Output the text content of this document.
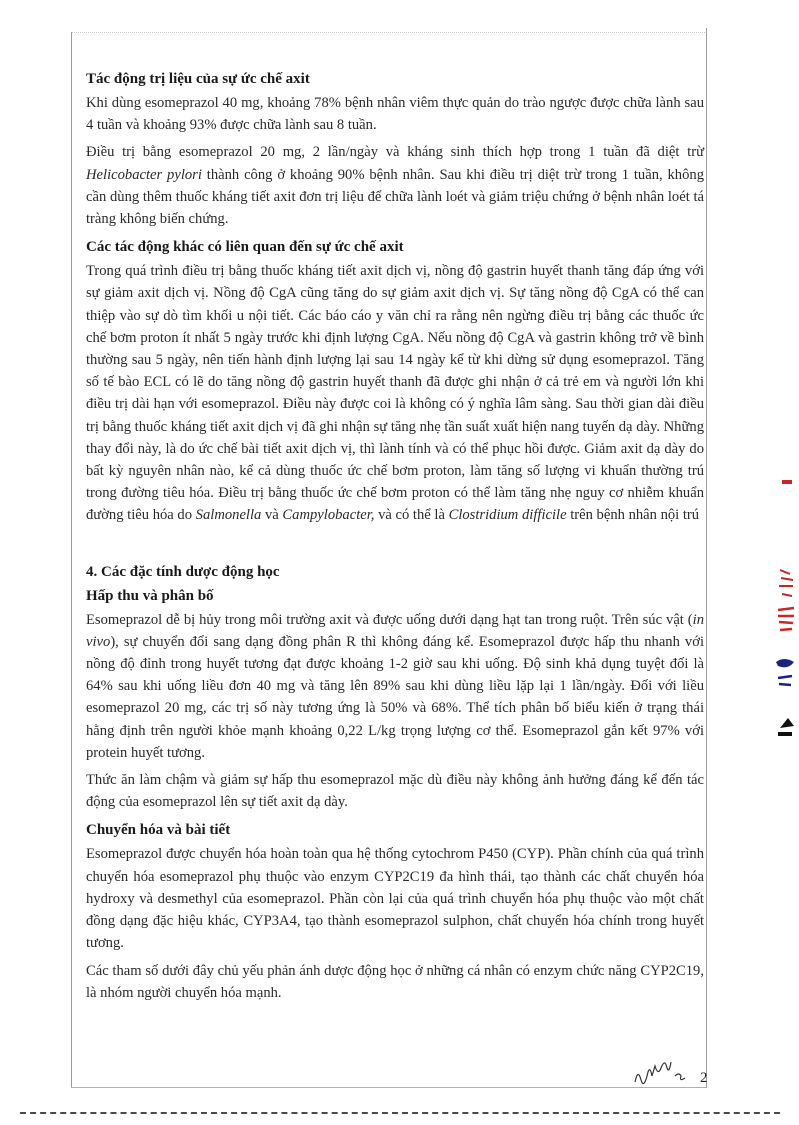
Tác động trị liệu của sự ức chế axit

Khi dùng esomeprazol 40 mg, khoảng 78% bệnh nhân viêm thực quản do trào ngược được chữa lành sau 4 tuần và khoảng 93% được chữa lành sau 8 tuần.

Điều trị bằng esomeprazol 20 mg, 2 lần/ngày và kháng sinh thích hợp trong 1 tuần đã diệt trừ Helicobacter pylori thành công ở khoảng 90% bệnh nhân. Sau khi điều trị diệt trừ trong 1 tuần, không cần dùng thêm thuốc kháng tiết axit đơn trị liệu để chữa lành loét và giảm triệu chứng ở bệnh nhân loét tá tràng không biến chứng.

Các tác động khác có liên quan đến sự ức chế axit

Trong quá trình điều trị bằng thuốc kháng tiết axit dịch vị, nồng độ gastrin huyết thanh tăng đáp ứng với sự giảm axit dịch vị. Nồng độ CgA cũng tăng do sự giảm axit dịch vị. Sự tăng nồng độ CgA có thể can thiệp vào sự dò tìm khối u nội tiết. Các báo cáo y văn chỉ ra rằng nên ngừng điều trị bằng các thuốc ức chế bơm proton ít nhất 5 ngày trước khi định lượng CgA. Nếu nồng độ CgA và gastrin không trở về bình thường sau 5 ngày, nên tiến hành định lượng lại sau 14 ngày kể từ khi dừng sử dụng esomeprazol. Tăng số tế bào ECL có lẽ do tăng nồng độ gastrin huyết thanh đã được ghi nhận ở cả trẻ em và người lớn khi điều trị dài hạn với esomeprazol. Điều này được coi là không có ý nghĩa lâm sàng. Sau thời gian dài điều trị bằng thuốc kháng tiết axit dịch vị đã ghi nhận sự tăng nhẹ tần suất xuất hiện nang tuyến dạ dày. Những thay đổi này, là do ức chế bài tiết axit dịch vị, thì lành tính và có thể phục hồi được. Giảm axit dạ dày do bất kỳ nguyên nhân nào, kể cả dùng thuốc ức chế bơm proton, làm tăng số lượng vi khuẩn thường trú trong đường tiêu hóa. Điều trị bằng thuốc ức chế bơm proton có thể làm tăng nhẹ nguy cơ nhiễm khuẩn đường tiêu hóa do Salmonella và Campylobacter, và có thể là Clostridium difficile trên bệnh nhân nội trú

4. Các đặc tính dược động học
Hấp thu và phân bố

Esomeprazol dễ bị hủy trong môi trường axit và được uống dưới dạng hạt tan trong ruột. Trên súc vật (in vivo), sự chuyển đổi sang dạng đồng phân R thì không đáng kể. Esomeprazol được hấp thu nhanh với nồng độ đỉnh trong huyết tương đạt được khoảng 1-2 giờ sau khi uống. Độ sinh khả dụng tuyệt đối là 64% sau khi uống liều đơn 40 mg và tăng lên 89% sau khi dùng liều lặp lại 1 lần/ngày. Đối với liều esomeprazol 20 mg, các trị số này tương ứng là 50% và 68%. Thể tích phân bố biểu kiến ở trạng thái hằng định trên người khỏe mạnh khoảng 0,22 L/kg trọng lượng cơ thể. Esomeprazol gắn kết 97% với protein huyết tương.

Thức ăn làm chậm và giảm sự hấp thu esomeprazol mặc dù điều này không ảnh hưởng đáng kể đến tác động của esomeprazol lên sự tiết axit dạ dày.

Chuyển hóa và bài tiết

Esomeprazol được chuyển hóa hoàn toàn qua hệ thống cytochrom P450 (CYP). Phần chính của quá trình chuyển hóa esomeprazol phụ thuộc vào enzym CYP2C19 đa hình thái, tạo thành các chất chuyển hóa hydroxy và desmethyl của esomeprazol. Phần còn lại của quá trình chuyển hóa phụ thuộc vào một chất đồng dạng đặc hiệu khác, CYP3A4, tạo thành esomeprazol sulphon, chất chuyển hóa chính trong huyết tương.

Các tham số dưới đây chủ yếu phản ánh dược động học ở những cá nhân có enzym chức năng CYP2C19, là nhóm người chuyển hóa mạnh.

2
